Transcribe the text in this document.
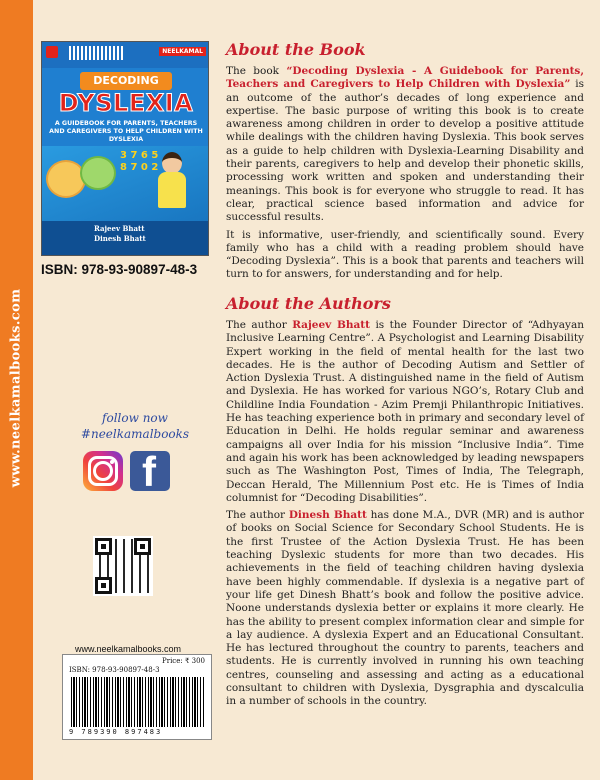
www.neelkamalbooks.com
NEELKAMAL
DECODING
DYSLEXIA
A GUIDEBOOK FOR PARENTS, TEACHERS AND CAREGIVERS TO HELP CHILDREN WITH DYSLEXIA
3 7 6 5
8 7 0 2
Rajeev Bhatt
Dinesh Bhatt
ISBN: 978-93-90897-48-3
f
follow now
#neelkamalbooks
www.neelkamalbooks.com
Price: ₹ 300
ISBN: 978-93-90897-48-3
9 789390 897483
About the Book

The book “Decoding Dyslexia - A Guidebook for Parents, Teachers and Caregivers to Help Children with Dyslexia” is an outcome of the author’s decades of long experience and expertise. The basic purpose of writing this book is to create awareness among children in order to develop a positive attitude while dealings with the children having Dyslexia. This book serves as a guide to help children with Dyslexia-Learning Disability and their parents, caregivers to help and develop their phonetic skills, processing work written and spoken and understanding their meanings. This book is for everyone who struggle to read. It has clear, practical science based information and advice for successful results.

It is informative, user-friendly, and scientifically sound. Every family who has a child with a reading problem should have “Decoding Dyslexia”. This is a book that parents and teachers will turn to for answers, for understanding and for help.

About the Authors

The author Rajeev Bhatt is the Founder Director of “Adhyayan Inclusive Learning Centre”. A Psychologist and Learning Disability Expert working in the field of mental health for the last two decades. He is the author of Decoding Autism and Settler of Action Dyslexia Trust. A distinguished name in the field of Autism and Dyslexia. He has worked for various NGO’s, Rotary Club and Childline India Foundation - Azim Premji Philanthropic Initiatives. He has teaching experience both in primary and secondary level of Education in Delhi. He holds regular seminar and awareness campaigns all over India for his mission “Inclusive India”. Time and again his work has been acknowledged by leading newspapers such as The Washington Post, Times of India, The Telegraph, Deccan Herald, The Millennium Post etc. He is Times of India columnist for “Decoding Disabilities”.

The author Dinesh Bhatt has done M.A., DVR (MR) and is author of books on Social Science for Secondary School Students. He is the first Trustee of the Action Dyslexia Trust. He has been teaching Dyslexic students for more than two decades. His achievements in the field of teaching children having dyslexia have been highly commendable. If dyslexia is a negative part of your life get Dinesh Bhatt’s book and follow the positive advice. Noone understands dyslexia better or explains it more clearly. He has the ability to present complex information clear and simple for a lay audience. A dyslexia Expert and an Educational Consultant. He has lectured throughout the country to parents, teachers and students. He is currently involved in running his own teaching centres, counseling and assessing and acting as a educational consultant to children with Dyslexia, Dysgraphia and dyscalculia in a number of schools in the country.
